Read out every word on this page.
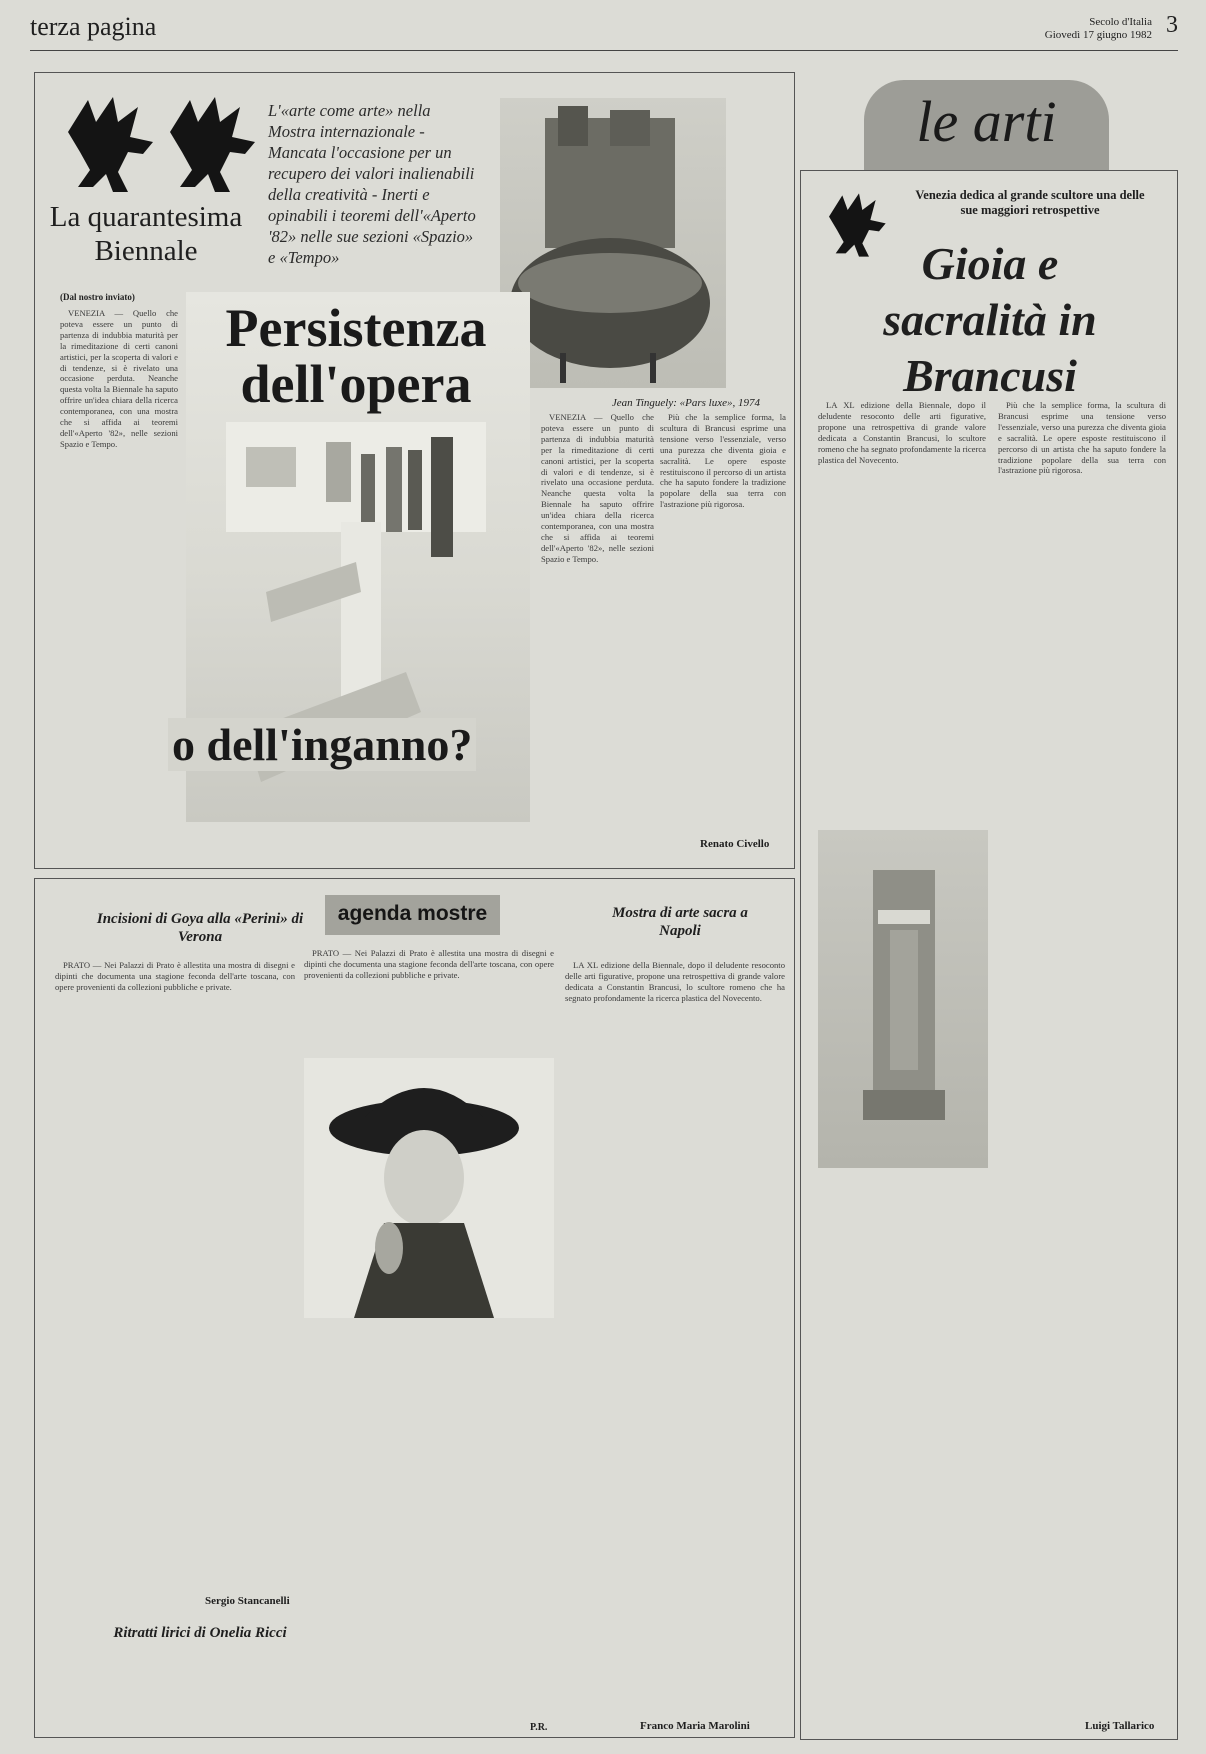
terza pagina	Secolo d'Italia
Giovedì 17 giugno 1982 3
La quarantesima Biennale
L'«arte come arte» nella Mostra internazionale - Mancata l'occasione per un recupero dei valori inalienabili della creatività - Inerti e opinabili i teoremi dell'«Aperto '82» nelle sue sezioni «Spazio» e «Tempo»
Jean Tinguely: «Pars luxe», 1974
(Dal nostro inviato)

VENEZIA — Quello che poteva essere un punto di partenza di indubbia maturità per la rimeditazione di certi canoni artistici, per la scoperta di valori e di tendenze, si è rivelato una occasione perduta. Neanche questa volta la Biennale ha saputo offrire un'idea chiara della ricerca contemporanea, con una mostra che si affida ai teoremi dell'«Aperto '82», nelle sezioni Spazio e Tempo.

Persistenza dell'opera
o dell'inganno?

VENEZIA — Quello che poteva essere un punto di partenza di indubbia maturità per la rimeditazione di certi canoni artistici, per la scoperta di valori e di tendenze, si è rivelato una occasione perduta. Neanche questa volta la Biennale ha saputo offrire un'idea chiara della ricerca contemporanea, con una mostra che si affida ai teoremi dell'«Aperto '82», nelle sezioni Spazio e Tempo.

Più che la semplice forma, la scultura di Brancusi esprime una tensione verso l'essenziale, verso una purezza che diventa gioia e sacralità. Le opere esposte restituiscono il percorso di un artista che ha saputo fondere la tradizione popolare della sua terra con l'astrazione più rigorosa.

Renato Civello
le arti
Venezia dedica al grande scultore una delle sue maggiori retrospettive
Gioia e sacralità in Brancusi

LA XL edizione della Biennale, dopo il deludente resoconto delle arti figurative, propone una retrospettiva di grande valore dedicata a Constantin Brancusi, lo scultore romeno che ha segnato profondamente la ricerca plastica del Novecento.

Più che la semplice forma, la scultura di Brancusi esprime una tensione verso l'essenziale, verso una purezza che diventa gioia e sacralità. Le opere esposte restituiscono il percorso di un artista che ha saputo fondere la tradizione popolare della sua terra con l'astrazione più rigorosa.

Luigi Tallarico
Incisioni di Goya alla «Perini» di Verona

PRATO — Nei Palazzi di Prato è allestita una mostra di disegni e dipinti che documenta una stagione feconda dell'arte toscana, con opere provenienti da collezioni pubbliche e private.

Sergio Stancanelli
Ritratti lirici di Onelia Ricci
agenda mostre

PRATO — Nei Palazzi di Prato è allestita una mostra di disegni e dipinti che documenta una stagione feconda dell'arte toscana, con opere provenienti da collezioni pubbliche e private.

P.R.
Mostra di arte sacra a Napoli

LA XL edizione della Biennale, dopo il deludente resoconto delle arti figurative, propone una retrospettiva di grande valore dedicata a Constantin Brancusi, lo scultore romeno che ha segnato profondamente la ricerca plastica del Novecento.

Franco Maria Marolini
